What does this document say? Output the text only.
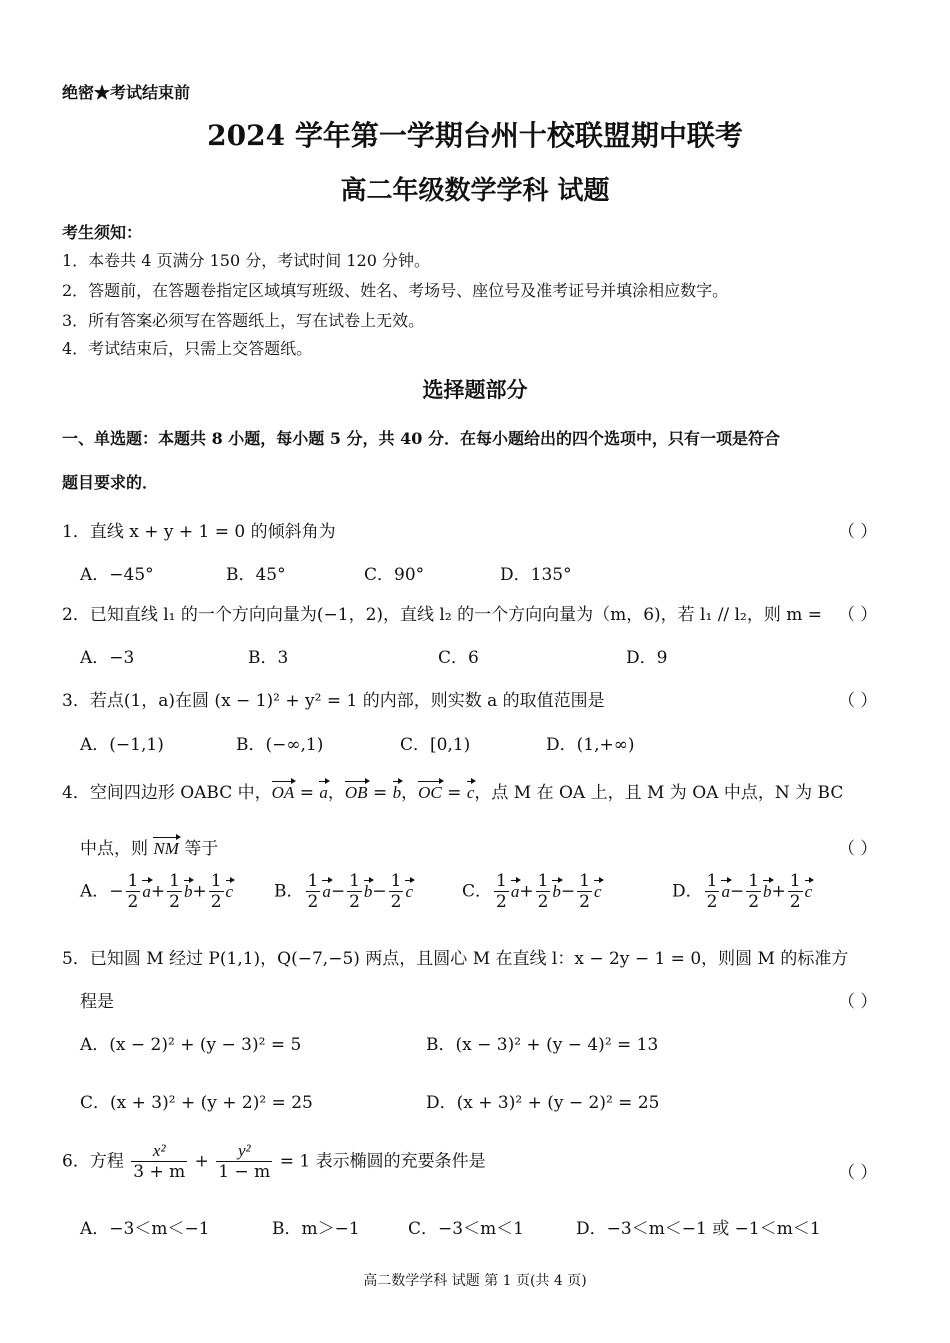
绝密★考试结束前
2024 学年第一学期台州十校联盟期中联考
高二年级数学学科 试题
考生须知：
1．本卷共 4 页满分 150 分，考试时间 120 分钟。
2．答题前，在答题卷指定区域填写班级、姓名、考场号、座位号及准考证号并填涂相应数字。
3．所有答案必须写在答题纸上，写在试卷上无效。
4．考试结束后，只需上交答题纸。
选择题部分
一、单选题：本题共 8 小题，每小题 5 分，共 40 分．在每小题给出的四个选项中，只有一项是符合
题目要求的．
1．直线 x + y + 1 = 0 的倾斜角为	（ ）
A．−45°	B．45°	C．90°	D．135°
2．已知直线 l₁ 的一个方向向量为(−1，2)，直线 l₂ 的一个方向向量为（m，6)，若 l₁ // l₂，则 m = （ ）
A．−3	B．3	C．6	D．9
3．若点(1，a)在圆 (x − 1)² + y² = 1 的内部，则实数 a 的取值范围是	（ ）
A．(−1,1)	B．(−∞,1)	C．[0,1)	D．(1,+∞)
4．空间四边形 OABC 中，OA = a，OB = b，OC = c，点 M 在 OA 上，且 M 为 OA 中点，N 为 BC
中点，则 NM 等于	（ ）
A．− $\frac{1}{2} a+ \frac{1}{2} b+ \frac{1}{2}$ c B． $\frac{1}{2} a- \frac{1}{2} b- \frac{1}{2}$ c	C． $\frac{1}{2} a+ \frac{1}{2} b- \frac{1}{2}$ c	D． $\frac{1}{2} a- \frac{1}{2} b+ \frac{1}{2}$ c
5．已知圆 M 经过 P(1,1)，Q(−7,−5) 两点，且圆心 M 在直线 l：x − 2y − 1 = 0，则圆 M 的标准方
程是	（ ）
A．(x − 2)² + (y − 3)² = 5	B．(x − 3)² + (y − 4)² = 13
C．(x + 3)² + (y + 2)² = 25	D．(x + 3)² + (y − 2)² = 25
6．方程 $\frac{\text{x²}}{3 + m} + \frac{\text{y²}}{1 - m} = 1$ 表示椭圆的充要条件是
（ ）
A．−3＜m＜−1	B．m＞−1	C．−3＜m＜1	D．−3＜m＜−1 或 −1＜m＜1
高二数学学科 试题 第 1 页(共 4 页)
